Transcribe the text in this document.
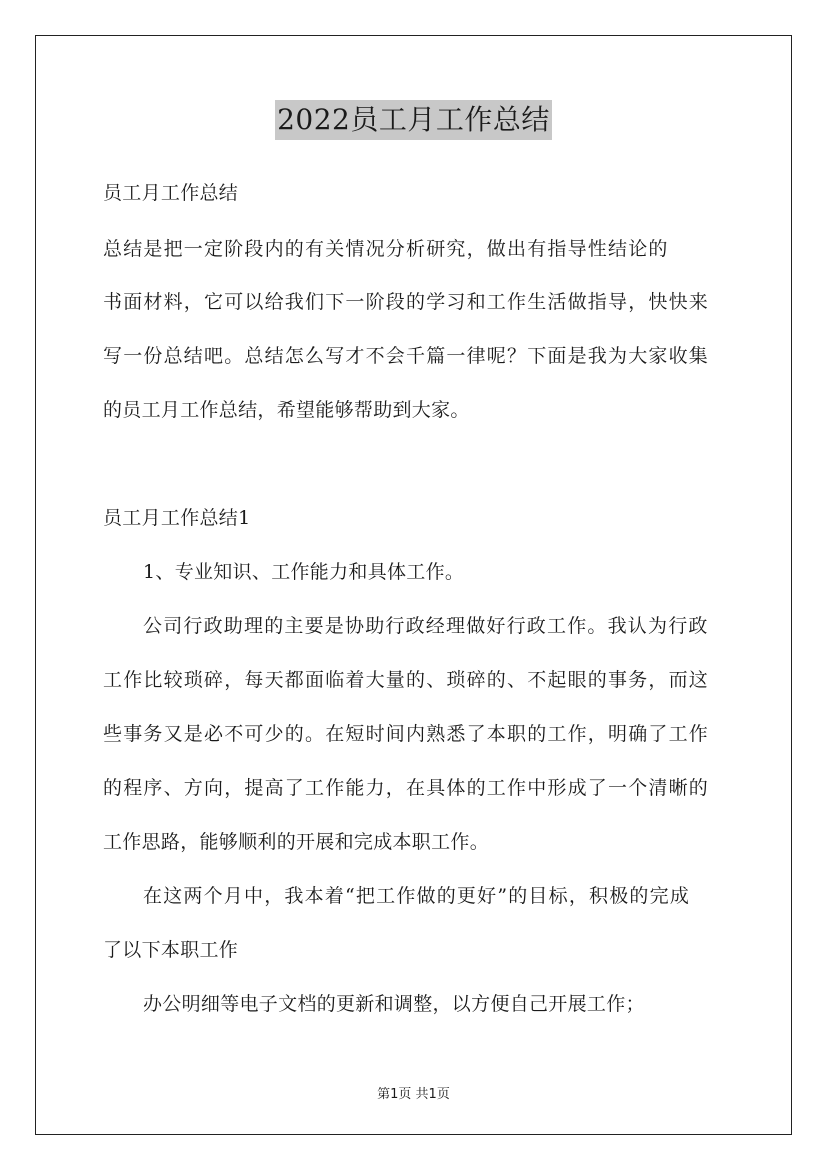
2022员工月工作总结
员工月工作总结
总结是把一定阶段内的有关情况分析研究，做出有指导性结论的
书面材料，它可以给我们下一阶段的学习和工作生活做指导，快快来
写一份总结吧。总结怎么写才不会千篇一律呢？下面是我为大家收集
的员工月工作总结，希望能够帮助到大家。
员工月工作总结1
1、专业知识、工作能力和具体工作。
公司行政助理的主要是协助行政经理做好行政工作。我认为行政
工作比较琐碎，每天都面临着大量的、琐碎的、不起眼的事务，而这
些事务又是必不可少的。在短时间内熟悉了本职的工作，明确了工作
的程序、方向，提高了工作能力，在具体的工作中形成了一个清晰的
工作思路，能够顺利的开展和完成本职工作。
在这两个月中，我本着“把工作做的更好”的目标，积极的完成
了以下本职工作
办公明细等电子文档的更新和调整，以方便自己开展工作；
第1页 共1页
